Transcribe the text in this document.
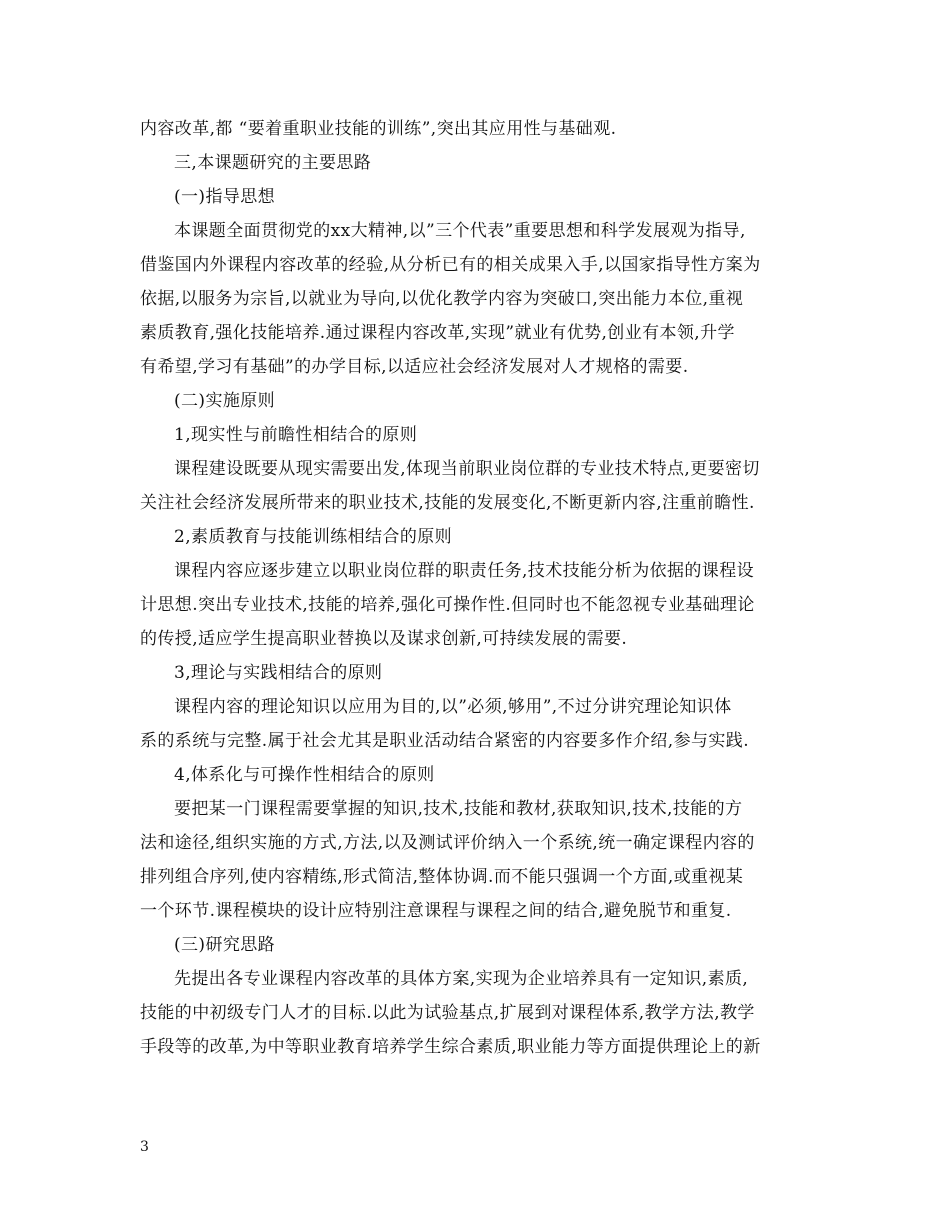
内容改革,都 “要着重职业技能的训练”,突出其应用性与基础观.
三,本课题研究的主要思路
(一)指导思想
本课题全面贯彻党的xx大精神,以”三个代表”重要思想和科学发展观为指导,
借鉴国内外课程内容改革的经验,从分析已有的相关成果入手,以国家指导性方案为
依据,以服务为宗旨,以就业为导向,以优化教学内容为突破口,突出能力本位,重视
素质教育,强化技能培养.通过课程内容改革,实现”就业有优势,创业有本领,升学
有希望,学习有基础”的办学目标,以适应社会经济发展对人才规格的需要.
(二)实施原则
1,现实性与前瞻性相结合的原则
课程建设既要从现实需要出发,体现当前职业岗位群的专业技术特点,更要密切
关注社会经济发展所带来的职业技术,技能的发展变化,不断更新内容,注重前瞻性.
2,素质教育与技能训练相结合的原则
课程内容应逐步建立以职业岗位群的职责任务,技术技能分析为依据的课程设
计思想.突出专业技术,技能的培养,强化可操作性.但同时也不能忽视专业基础理论
的传授,适应学生提高职业替换以及谋求创新,可持续发展的需要.
3,理论与实践相结合的原则
课程内容的理论知识以应用为目的,以”必须,够用”,不过分讲究理论知识体
系的系统与完整.属于社会尤其是职业活动结合紧密的内容要多作介绍,参与实践.
4,体系化与可操作性相结合的原则
要把某一门课程需要掌握的知识,技术,技能和教材,获取知识,技术,技能的方
法和途径,组织实施的方式,方法,以及测试评价纳入一个系统,统一确定课程内容的
排列组合序列,使内容精练,形式简洁,整体协调.而不能只强调一个方面,或重视某
一个环节.课程模块的设计应特别注意课程与课程之间的结合,避免脱节和重复.
(三)研究思路
先提出各专业课程内容改革的具体方案,实现为企业培养具有一定知识,素质,
技能的中初级专门人才的目标.以此为试验基点,扩展到对课程体系,教学方法,教学
手段等的改革,为中等职业教育培养学生综合素质,职业能力等方面提供理论上的新
3
